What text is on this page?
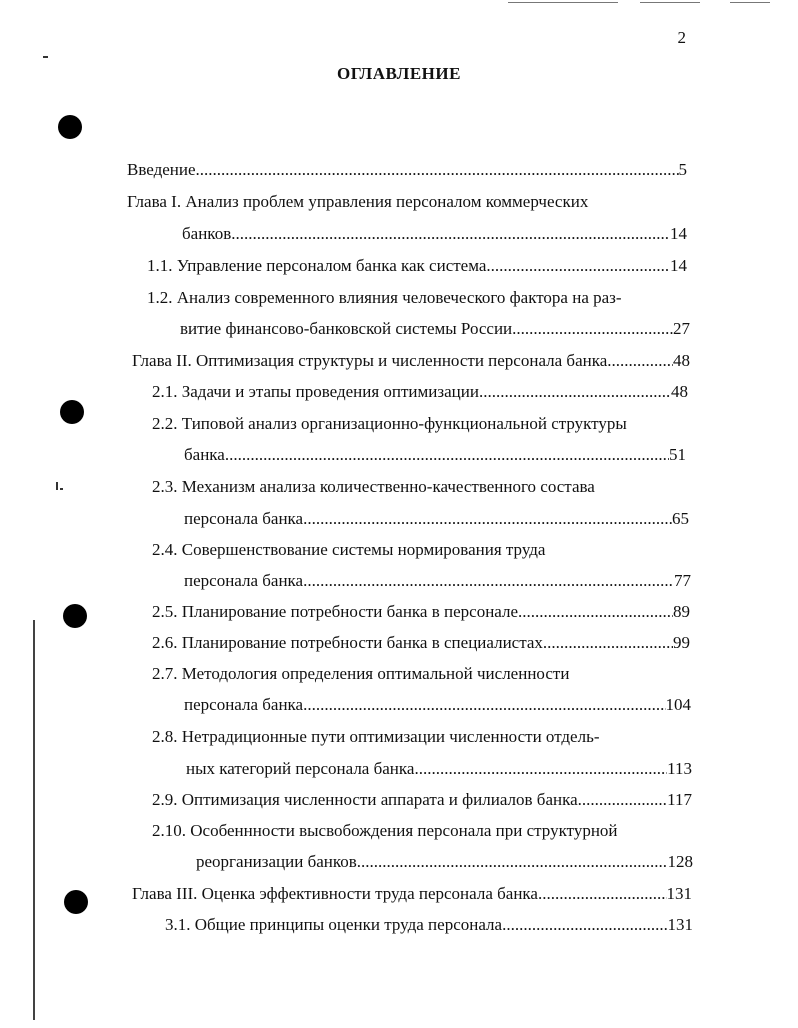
2
ОГЛАВЛЕНИЕ
Введение .....	5
Глава I. Анализ проблем управления персоналом коммерческих
банков .....	14
1.1. Управление персоналом банка как система .....	14
1.2. Анализ современного влияния человеческого фактора на раз-
витие финансово-банковской системы России .....	27
Глава II. Оптимизация структуры и численности персонала банка .....	48
2.1. Задачи и этапы проведения оптимизации .....	48
2.2. Типовой анализ организационно-функциональной структуры
банка .....	51
2.3. Механизм анализа количественно-качественного состава
персонала банка .....	65
2.4. Совершенствование системы нормирования труда
персонала банка .....	77
2.5. Планирование потребности банка в персонале .....	89
2.6. Планирование потребности банка в специалистах .....	99
2.7. Методология определения оптимальной численности
персонала банка .....	104
2.8. Нетрадиционные пути оптимизации численности отдель-
ных категорий персонала банка .....	113
2.9. Оптимизация численности аппарата и филиалов банка .....	117
2.10. Особеннности высвобождения персонала при структурной
реорганизации банков .....	128
Глава III. Оценка эффективности труда персонала банка .....	131
3.1. Общие принципы оценки труда персонала .....	131
